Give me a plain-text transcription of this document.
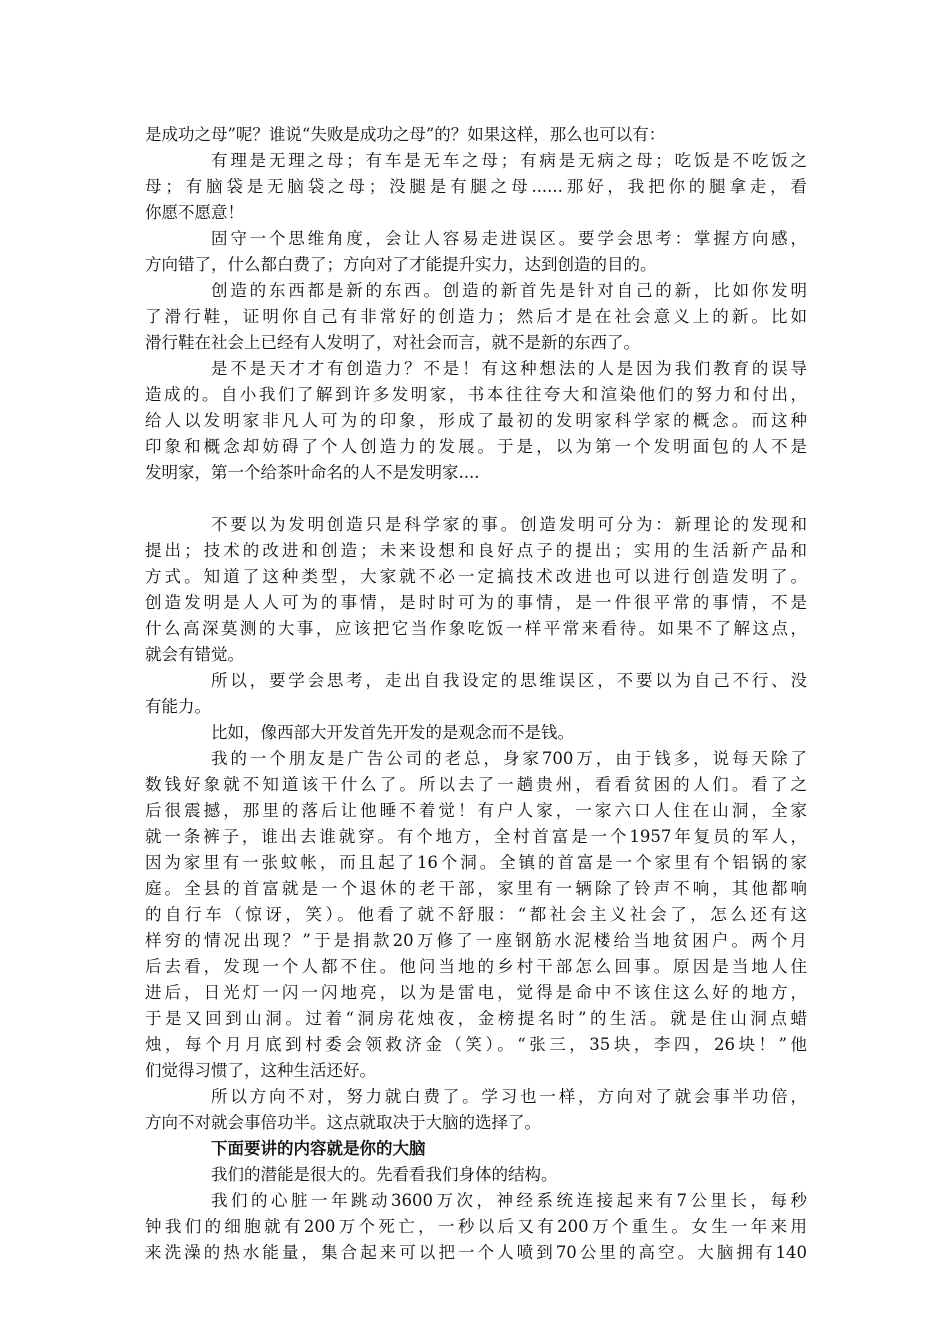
是成功之母”呢？谁说“失败是成功之母”的？如果这样，那么也可以有：
有理是无理之母；有车是无车之母；有病是无病之母；吃饭是不吃饭之
母；有脑袋是无脑袋之母；没腿是有腿之母......那好，我把你的腿拿走，看
你愿不愿意！
固守一个思维角度，会让人容易走进误区。要学会思考：掌握方向感，
方向错了，什么都白费了；方向对了才能提升实力，达到创造的目的。
创造的东西都是新的东西。创造的新首先是针对自己的新，比如你发明
了滑行鞋，证明你自己有非常好的创造力；然后才是在社会意义上的新。比如
滑行鞋在社会上已经有人发明了，对社会而言，就不是新的东西了。
是不是天才才有创造力？不是！有这种想法的人是因为我们教育的误导
造成的。自小我们了解到许多发明家，书本往往夸大和渲染他们的努力和付出，
给人以发明家非凡人可为的印象，形成了最初的发明家科学家的概念。而这种
印象和概念却妨碍了个人创造力的发展。于是，以为第一个发明面包的人不是
发明家，第一个给茶叶命名的人不是发明家....
不要以为发明创造只是科学家的事。创造发明可分为：新理论的发现和
提出；技术的改进和创造；未来设想和良好点子的提出；实用的生活新产品和
方式。知道了这种类型，大家就不必一定搞技术改进也可以进行创造发明了。
创造发明是人人可为的事情，是时时可为的事情，是一件很平常的事情，不是
什么高深莫测的大事，应该把它当作象吃饭一样平常来看待。如果不了解这点，
就会有错觉。
所以，要学会思考，走出自我设定的思维误区，不要以为自己不行、没
有能力。
比如，像西部大开发首先开发的是观念而不是钱。
我的一个朋友是广告公司的老总，身家700万，由于钱多，说每天除了
数钱好象就不知道该干什么了。所以去了一趟贵州，看看贫困的人们。看了之
后很震撼，那里的落后让他睡不着觉！有户人家，一家六口人住在山洞，全家
就一条裤子，谁出去谁就穿。有个地方，全村首富是一个1957年复员的军人，
因为家里有一张蚊帐，而且起了16个洞。全镇的首富是一个家里有个铝锅的家
庭。全县的首富就是一个退休的老干部，家里有一辆除了铃声不响，其他都响
的自行车（惊讶，笑）。他看了就不舒服：“都社会主义社会了，怎么还有这
样穷的情况出现？”于是捐款20万修了一座钢筋水泥楼给当地贫困户。两个月
后去看，发现一个人都不住。他问当地的乡村干部怎么回事。原因是当地人住
进后，日光灯一闪一闪地亮，以为是雷电，觉得是命中不该住这么好的地方，
于是又回到山洞。过着“洞房花烛夜，金榜提名时”的生活。就是住山洞点蜡
烛，每个月月底到村委会领救济金（笑）。“张三，35块，李四，26块！”他
们觉得习惯了，这种生活还好。
所以方向不对，努力就白费了。学习也一样，方向对了就会事半功倍，
方向不对就会事倍功半。这点就取决于大脑的选择了。
下面要讲的内容就是你的大脑
我们的潜能是很大的。先看看我们身体的结构。
我们的心脏一年跳动3600万次，神经系统连接起来有7公里长，每秒
钟我们的细胞就有200万个死亡，一秒以后又有200万个重生。女生一年来用
来洗澡的热水能量，集合起来可以把一个人喷到70公里的高空。大脑拥有140
